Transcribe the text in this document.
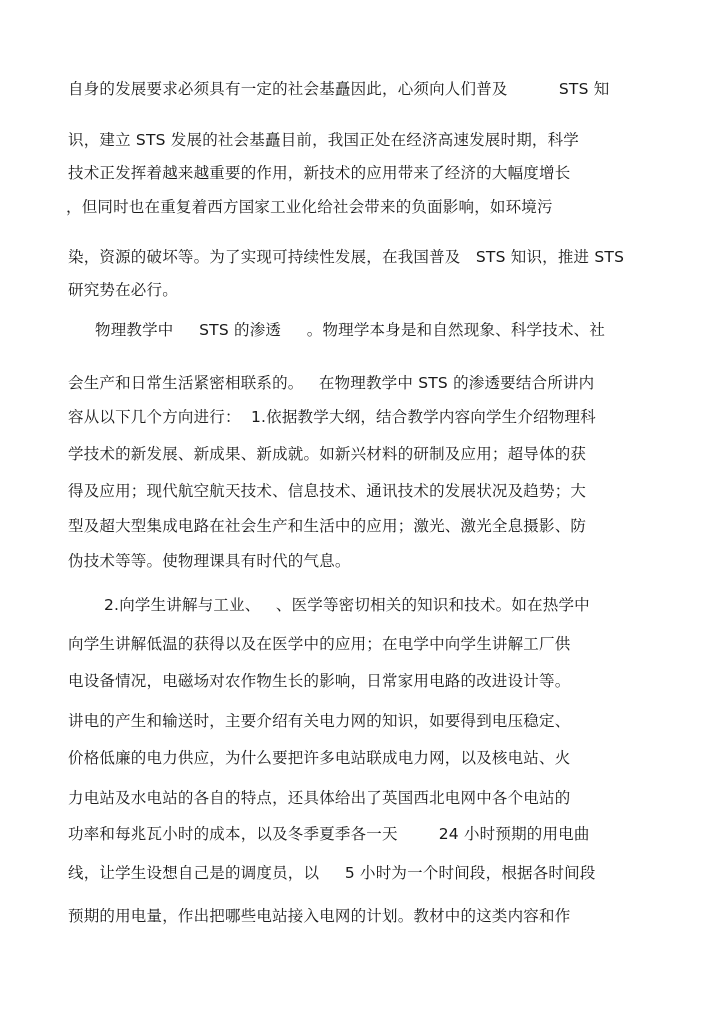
自身的发展要求必须具有一定的社会基矗因此，心须向人们普及          STS 知
识，建立 STS 发展的社会基矗目前，我国正处在经济高速发展时期，科学
技术正发挥着越来越重要的作用，新技术的应用带来了经济的大幅度增长
，但同时也在重复着西方国家工业化给社会带来的负面影响，如环境污
染，资源的破坏等。为了实现可持续性发展，在我国普及   STS 知识，推进 STS
研究势在必行。
物理教学中     STS 的渗透     。物理学本身是和自然现象、科学技术、社
会生产和日常生活紧密相联系的。   在物理教学中 STS 的渗透要结合所讲内
容从以下几个方向进行：  1.依据教学大纲，结合教学内容向学生介绍物理科
学技术的新发展、新成果、新成就。如新兴材料的研制及应用；超导体的获
得及应用；现代航空航天技术、信息技术、通讯技术的发展状况及趋势；大
型及超大型集成电路在社会生产和生活中的应用；激光、激光全息摄影、防
伪技术等等。使物理课具有时代的气息。
2.向学生讲解与工业、   、医学等密切相关的知识和技术。如在热学中
向学生讲解低温的获得以及在医学中的应用；在电学中向学生讲解工厂供
电设备情况，电磁场对农作物生长的影响，日常家用电路的改进设计等。
讲电的产生和输送时，主要介绍有关电力网的知识，如要得到电压稳定、
价格低廉的电力供应，为什么要把许多电站联成电力网，以及核电站、火
力电站及水电站的各自的特点，还具体给出了英国西北电网中各个电站的
功率和每兆瓦小时的成本，以及冬季夏季各一天        24 小时预期的用电曲
线，让学生设想自己是的调度员，以     5 小时为一个时间段，根据各时间段
预期的用电量，作出把哪些电站接入电网的计划。教材中的这类内容和作
